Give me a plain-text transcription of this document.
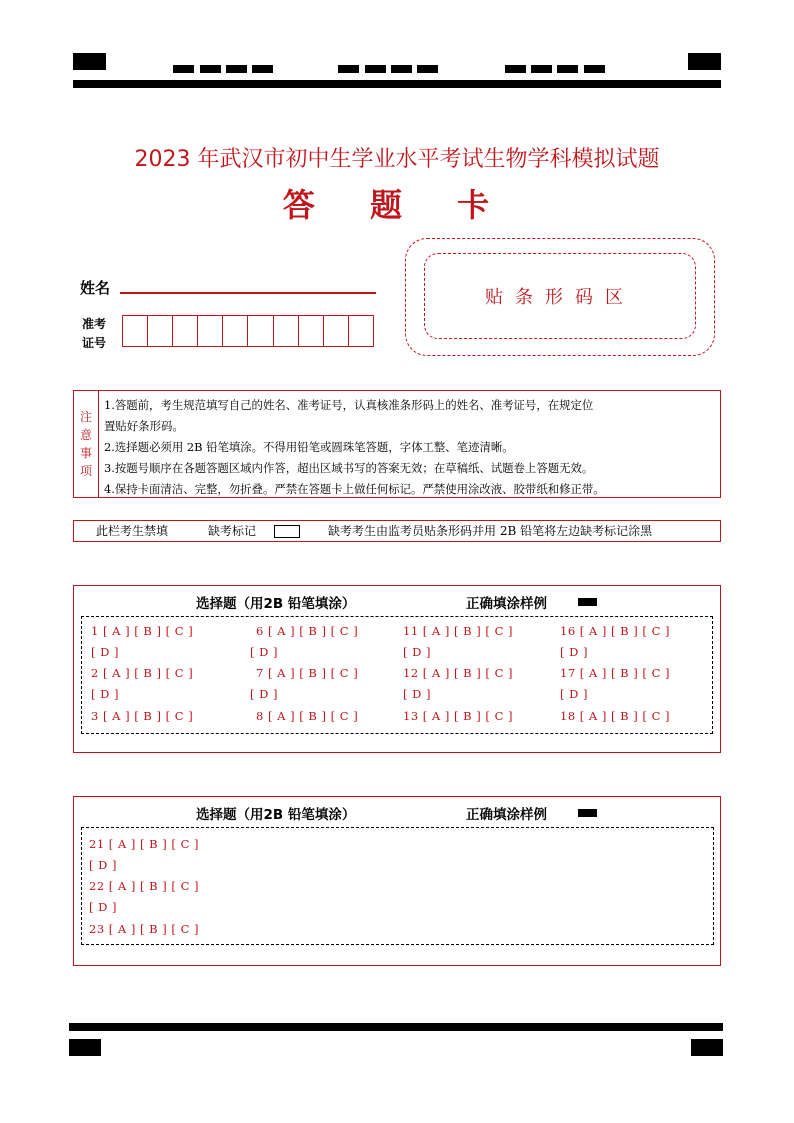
2023 年武汉市初中生学业水平考试生物学科模拟试题
答 题 卡
姓名
准考
证号
贴条形码区
注
意
事
项
1.答题前，考生规范填写自己的姓名、准考证号，认真核准条形码上的姓名、准考证号，在规定位
置贴好条形码。
2.选择题必须用 2B 铅笔填涂。不得用铅笔或圆珠笔答题，字体工整、笔迹清晰。
3.按题号顺序在各题答题区域内作答，超出区域书写的答案无效；在草稿纸、试题卷上答题无效。
4.保持卡面清洁、完整，勿折叠。严禁在答题卡上做任何标记。严禁使用涂改液、胶带纸和修正带。
此栏考生禁填	缺考标记	缺考考生由监考员贴条形码并用 2B 铅笔将左边缺考标记涂黑
选择题（用2B 铅笔填涂）	正确填涂样例
1 [ A ] [ B ] [ C ]	6 [ A ] [ B ] [ C ]	11 [ A ] [ B ] [ C ]	16 [ A ] [ B ] [ C ]
[ D ]	[ D ]	[ D ]	[ D ]
2 [ A ] [ B ] [ C ]	7 [ A ] [ B ] [ C ]	12 [ A ] [ B ] [ C ]	17 [ A ] [ B ] [ C ]
[ D ]	[ D ]	[ D ]	[ D ]
3 [ A ] [ B ] [ C ]	8 [ A ] [ B ] [ C ]	13 [ A ] [ B ] [ C ]	18 [ A ] [ B ] [ C ]
选择题（用2B 铅笔填涂）	正确填涂样例
21 [ A ] [ B ] [ C ]
[ D ]
22 [ A ] [ B ] [ C ]
[ D ]
23 [ A ] [ B ] [ C ]
